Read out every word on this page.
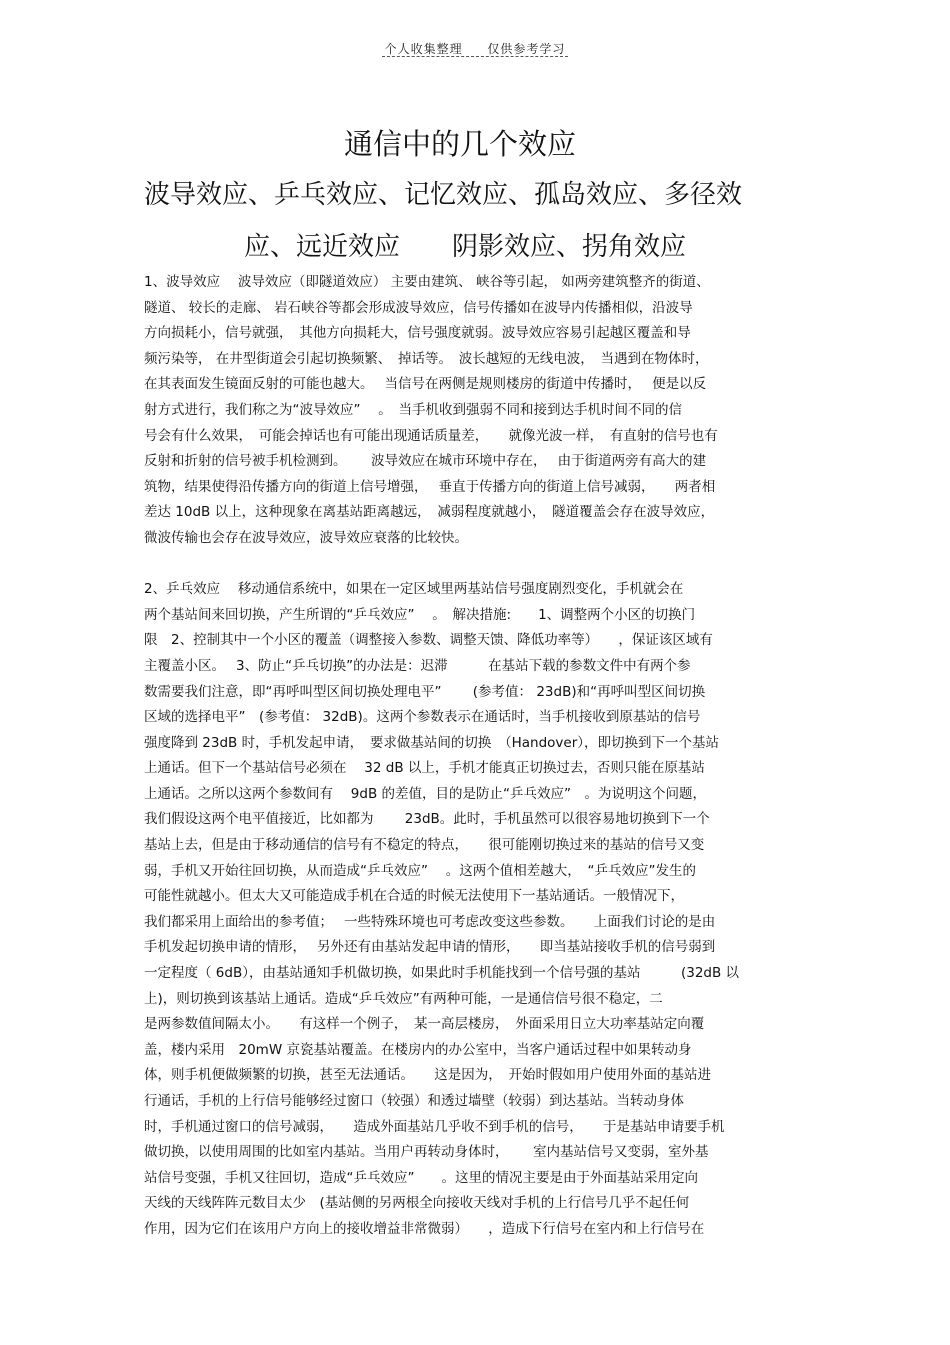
个人收集整理 仅供参考学习
通信中的几个效应
波导效应、乒乓效应、记忆效应、孤岛效应、多径效
应、远近效应　　阴影效应、拐角效应
1、波导效应　 波导效应（即隧道效应） 主要由建筑、 峡谷等引起， 如两旁建筑整齐的街道、
隧道、 较长的走廊、 岩石峡谷等都会形成波导效应，信号传播如在波导内传播相似，沿波导
方向损耗小，信号就强，　其他方向损耗大，信号强度就弱。波导效应容易引起越区覆盖和导
频污染等， 在井型街道会引起切换频繁、　掉话等。　波长越短的无线电波，　当遇到在物体时，
在其表面发生镜面反射的可能也越大。　 当信号在两侧是规则楼房的街道中传播时，　 便是以反
射方式进行，我们称之为“波导效应”　 。　当手机收到强弱不同和接到达手机时间不同的信
号会有什么效果，　可能会掉话也有可能出现通话质量差，　　就像光波一样，　有直射的信号也有
反射和折射的信号被手机检测到。　　 波导效应在城市环境中存在，　 由于街道两旁有高大的建
筑物，结果使得沿传播方向的街道上信号增强，　 垂直于传播方向的街道上信号减弱，　　两者相
差达 10dB 以上，这种现象在离基站距离越远，　减弱程度就越小，　隧道覆盖会存在波导效应，
微波传输也会存在波导效应，波导效应衰落的比较快。
2、乒乓效应　 移动通信系统中，如果在一定区域里两基站信号强度剧烈变化，手机就会在
两个基站间来回切换，产生所谓的“乒乓效应”　 。　解决措施:　　1、调整两个小区的切换门
限　2、控制其中一个小区的覆盖（调整接入参数、调整天馈、降低功率等）　　，保证该区域有
主覆盖小区。　 3、防止“乒乓切换”的办法是：迟滞　　　在基站下载的参数文件中有两个参
数需要我们注意，即“再呼叫型区间切换处理电平”　　 (参考值： 23dB)和“再呼叫型区间切换
区域的选择电平”　(参考值： 32dB)。这两个参数表示在通话时，当手机接收到原基站的信号
强度降到 23dB 时，手机发起申请，　要求做基站间的切换　（Handover），即切换到下一个基站
上通话。但下一个基站信号必须在　 32 dB 以上，手机才能真正切换过去，否则只能在原基站
上通话。之所以这两个参数间有　 9dB 的差值，目的是防止“乒乓效应”　。为说明这个问题，
我们假设这两个电平值接近，比如都为　　 23dB。此时，手机虽然可以很容易地切换到下一个
基站上去，但是由于移动通信的信号有不稳定的特点，　　很可能刚切换过来的基站的信号又变
弱，手机又开始往回切换，从而造成“乒乓效应”　 。这两个值相差越大，　“乒乓效应”发生的
可能性就越小。但太大又可能造成手机在合适的时候无法使用下一基站通话。一般情况下，
我们都采用上面给出的参考值；　 一些特殊环境也可考虑改变这些参数。　　上面我们讨论的是由
手机发起切换申请的情形，　 另外还有由基站发起申请的情形，　　即当基站接收手机的信号弱到
一定程度（ 6dB），由基站通知手机做切换，如果此时手机能找到一个信号强的基站　　　(32dB 以
上)，则切换到该基站上通话。造成“乒乓效应”有两种可能，一是通信信号很不稳定，二
是两参数值间隔太小。　　有这样一个例子，　某一高层楼房，　外面采用日立大功率基站定向覆
盖，楼内采用　20mW 京瓷基站覆盖。在楼房内的办公室中，当客户通话过程中如果转动身
体，则手机便做频繁的切换，甚至无法通话。　　这是因为，　开始时假如用户使用外面的基站进
行通话，手机的上行信号能够经过窗口（较强）和透过墙壁（较弱）到达基站。当转动身体
时，手机通过窗口的信号减弱，　　造成外面基站几乎收不到手机的信号，　　于是基站申请要手机
做切换，以使用周围的比如室内基站。当用户再转动身体时，　　 室内基站信号又变弱，室外基
站信号变强，手机又往回切，造成“乒乓效应”　　。这里的情况主要是由于外面基站采用定向
天线的天线阵阵元数目太少　(基站侧的另两根全向接收天线对手机的上行信号几乎不起任何
作用，因为它们在该用户方向上的接收增益非常微弱）　　，造成下行信号在室内和上行信号在
